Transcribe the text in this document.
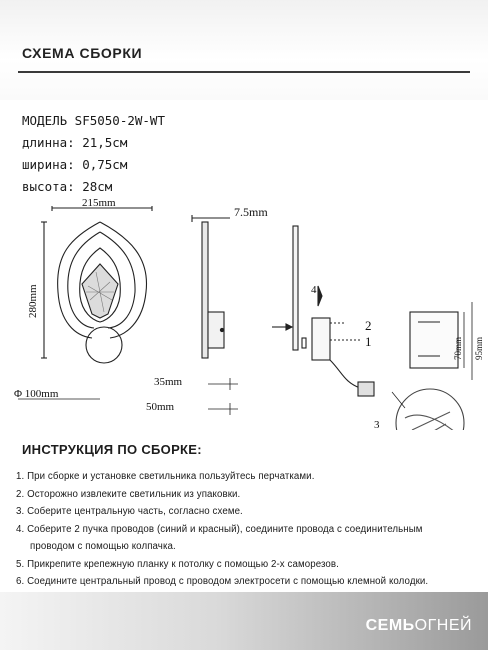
СХЕМА СБОРКИ
МОДЕЛЬ SF5050-2W-WT
длинна: 21,5см
ширина: 0,75см
высота: 28см
215mm
280mm
Φ 100mm
7.5mm
35mm
50mm
4
2
1
3
70mm 95mm
ИНСТРУКЦИЯ ПО СБОРКЕ:
1. При сборке и установке светильника пользуйтесь перчатками.
2. Осторожно извлеките светильник из упаковки.
3. Соберите центральную часть, согласно схеме.
4. Соберите 2 пучка проводов (синий и красный), соедините провода с соединительным
проводом с помощью колпачка.
5. Прикрепите крепежную планку к потолку с помощью 2-х саморезов.
6. Соедините центральный провод с проводом электросети с помощью клемной колодки.
СЕМЬОГНЕЙ
